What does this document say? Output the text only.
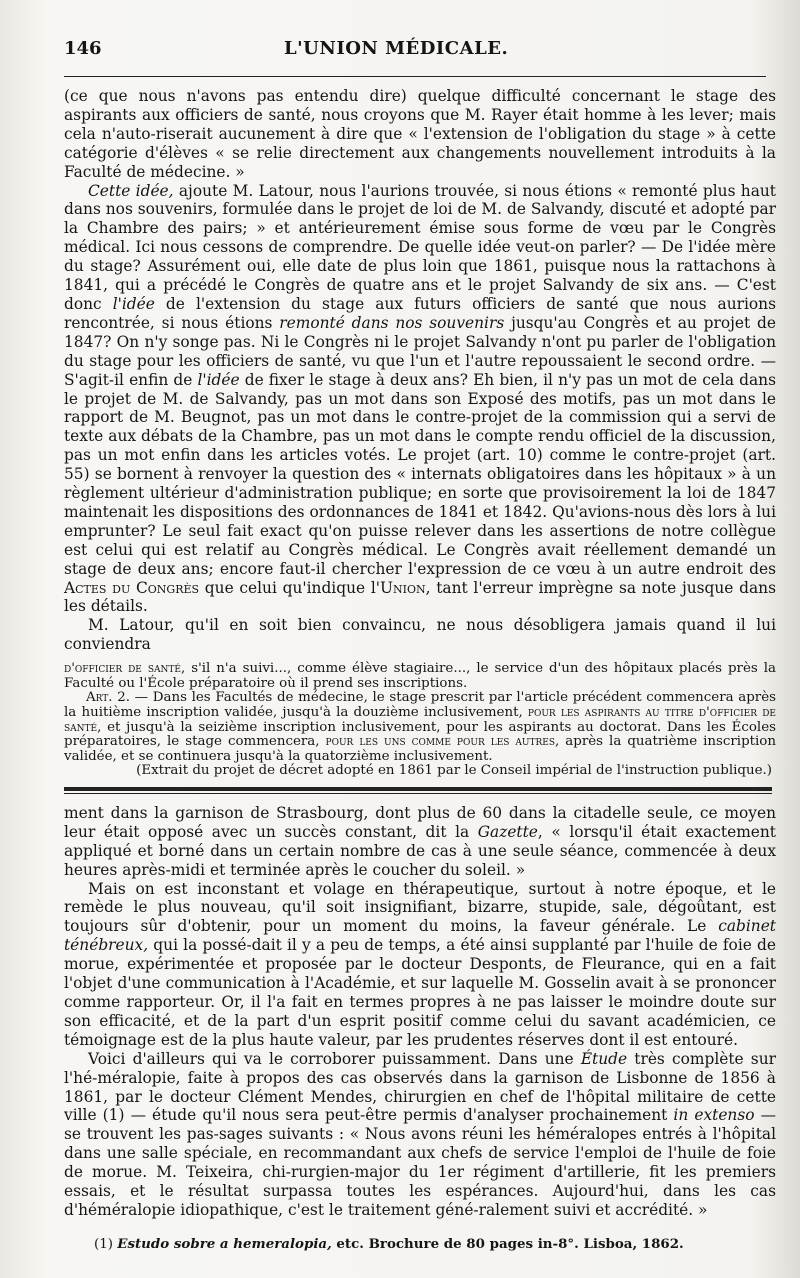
146	L'UNION MÉDICALE.

(ce que nous n'avons pas entendu dire) quelque difficulté concernant le stage des aspirants aux officiers de santé, nous croyons que M. Rayer était homme à les lever; mais cela n'auto-riserait aucunement à dire que « l'extension de l'obligation du stage » à cette catégorie d'élèves « se relie directement aux changements nouvellement introduits à la Faculté de médecine. »

Cette idée, ajoute M. Latour, nous l'aurions trouvée, si nous étions « remonté plus haut dans nos souvenirs, formulée dans le projet de loi de M. de Salvandy, discuté et adopté par la Chambre des pairs; » et antérieurement émise sous forme de vœu par le Congrès médical. Ici nous cessons de comprendre. De quelle idée veut-on parler? — De l'idée mère du stage? Assurément oui, elle date de plus loin que 1861, puisque nous la rattachons à 1841, qui a précédé le Congrès de quatre ans et le projet Salvandy de six ans. — C'est donc l'idée de l'extension du stage aux futurs officiers de santé que nous aurions rencontrée, si nous étions remonté dans nos souvenirs jusqu'au Congrès et au projet de 1847? On n'y songe pas. Ni le Congrès ni le projet Salvandy n'ont pu parler de l'obligation du stage pour les officiers de santé, vu que l'un et l'autre repoussaient le second ordre. — S'agit-il enfin de l'idée de fixer le stage à deux ans? Eh bien, il n'y pas un mot de cela dans le projet de M. de Salvandy, pas un mot dans son Exposé des motifs, pas un mot dans le rapport de M. Beugnot, pas un mot dans le contre-projet de la commission qui a servi de texte aux débats de la Chambre, pas un mot dans le compte rendu officiel de la discussion, pas un mot enfin dans les articles votés. Le projet (art. 10) comme le contre-projet (art. 55) se bornent à renvoyer la question des « internats obligatoires dans les hôpitaux » à un règlement ultérieur d'administration publique; en sorte que provisoirement la loi de 1847 maintenait les dispositions des ordonnances de 1841 et 1842. Qu'avions-nous dès lors à lui emprunter? Le seul fait exact qu'on puisse relever dans les assertions de notre collègue est celui qui est relatif au Congrès médical. Le Congrès avait réellement demandé un stage de deux ans; encore faut-il chercher l'expression de ce vœu à un autre endroit des Actes du Congrès que celui qu'indique l'Union, tant l'erreur imprègne sa note jusque dans les détails.

M. Latour, qu'il en soit bien convaincu, ne nous désobligera jamais quand il lui conviendra

d'officier de santé, s'il n'a suivi..., comme élève stagiaire..., le service d'un des hôpitaux placés près la Faculté ou l'École préparatoire où il prend ses inscriptions.

Art. 2. — Dans les Facultés de médecine, le stage prescrit par l'article précédent commencera après la huitième inscription validée, jusqu'à la douzième inclusivement, pour les aspirants au titre d'officier de santé, et jusqu'à la seizième inscription inclusivement, pour les aspirants au doctorat. Dans les Écoles préparatoires, le stage commencera, pour les uns comme pour les autres, après la quatrième inscription validée, et se continuera jusqu'à la quatorzième inclusivement.

(Extrait du projet de décret adopté en 1861 par le Conseil impérial de l'instruction publique.)

ment dans la garnison de Strasbourg, dont plus de 60 dans la citadelle seule, ce moyen leur était opposé avec un succès constant, dit la Gazette, « lorsqu'il était exactement appliqué et borné dans un certain nombre de cas à une seule séance, commencée à deux heures après-midi et terminée après le coucher du soleil. »

Mais on est inconstant et volage en thérapeutique, surtout à notre époque, et le remède le plus nouveau, qu'il soit insignifiant, bizarre, stupide, sale, dégoûtant, est toujours sûr d'obtenir, pour un moment du moins, la faveur générale. Le cabinet ténébreux, qui la possé-dait il y a peu de temps, a été ainsi supplanté par l'huile de foie de morue, expérimentée et proposée par le docteur Desponts, de Fleurance, qui en a fait l'objet d'une communication à l'Académie, et sur laquelle M. Gosselin avait à se prononcer comme rapporteur. Or, il l'a fait en termes propres à ne pas laisser le moindre doute sur son efficacité, et de la part d'un esprit positif comme celui du savant académicien, ce témoignage est de la plus haute valeur, par les prudentes réserves dont il est entouré.

Voici d'ailleurs qui va le corroborer puissamment. Dans une Étude très complète sur l'hé-méralopie, faite à propos des cas observés dans la garnison de Lisbonne de 1856 à 1861, par le docteur Clément Mendes, chirurgien en chef de l'hôpital militaire de cette ville (1) — étude qu'il nous sera peut-être permis d'analyser prochainement in extenso — se trouvent les pas-sages suivants : « Nous avons réuni les héméralopes entrés à l'hôpital dans une salle spéciale, en recommandant aux chefs de service l'emploi de l'huile de foie de morue. M. Teixeira, chi-rurgien-major du 1er régiment d'artillerie, fit les premiers essais, et le résultat surpassa toutes les espérances. Aujourd'hui, dans les cas d'héméralopie idiopathique, c'est le traitement géné-ralement suivi et accrédité. »

(1) Estudo sobre a hemeralopia, etc. Brochure de 80 pages in-8°. Lisboa, 1862.
